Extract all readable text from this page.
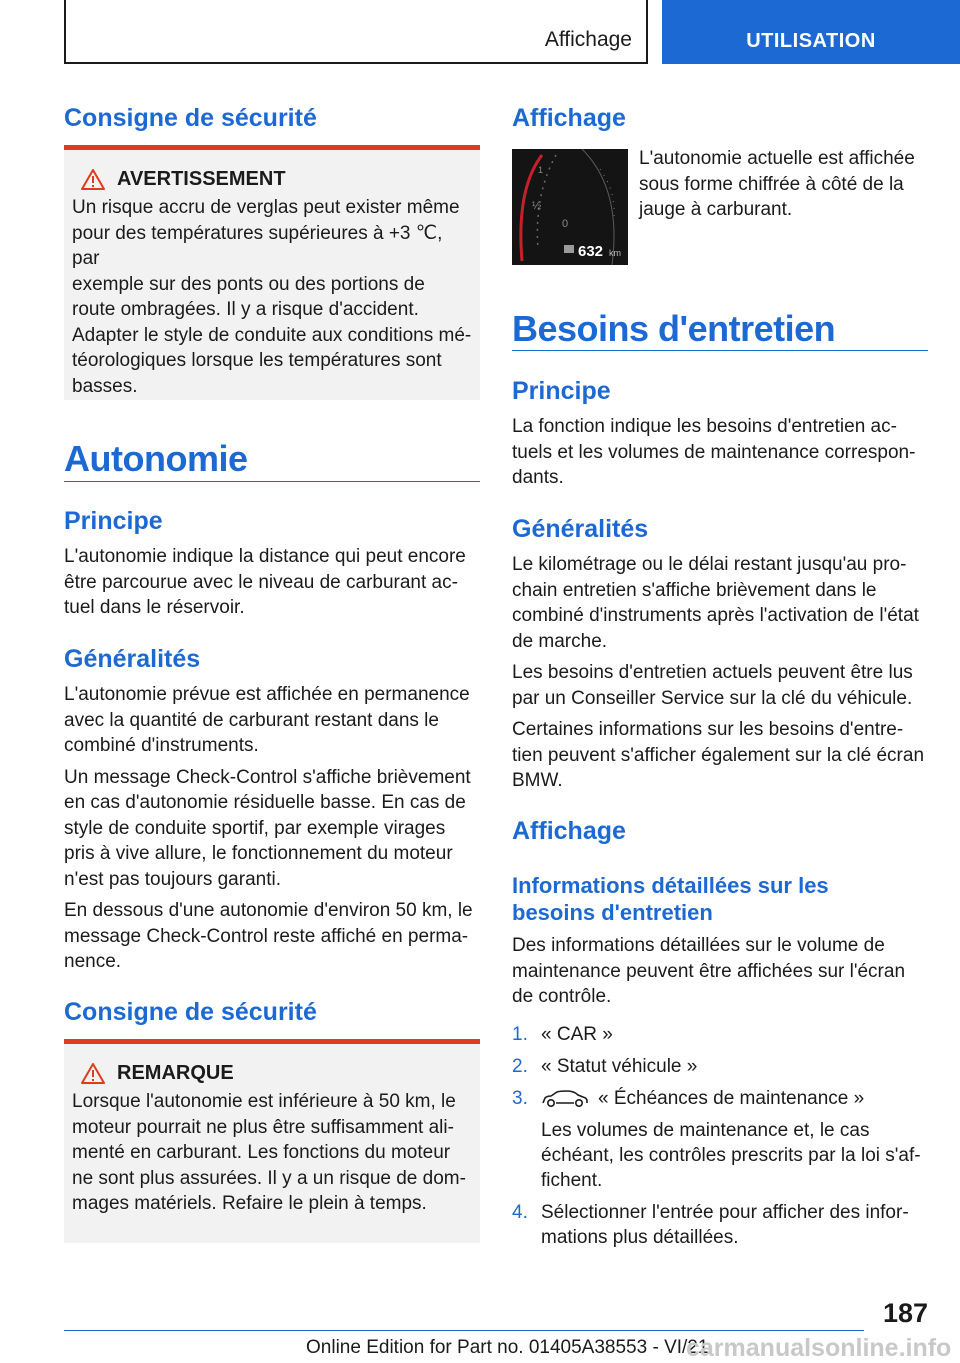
Affichage	UTILISATION
Consigne de sécurité
AVERTISSEMENT
Un risque accru de verglas peut exister même
pour des températures supérieures à +3 ℃, par
exemple sur des ponts ou des portions de
route ombragées. Il y a risque d'accident.
Adapter le style de conduite aux conditions mé-
téorologiques lorsque les températures sont
basses.
Autonomie
Principe
L'autonomie indique la distance qui peut encore
être parcourue avec le niveau de carburant ac-
tuel dans le réservoir.
Généralités
L'autonomie prévue est affichée en permanence
avec la quantité de carburant restant dans le
combiné d'instruments.
Un message Check-Control s'affiche brièvement
en cas d'autonomie résiduelle basse. En cas de
style de conduite sportif, par exemple virages
pris à vive allure, le fonctionnement du moteur
n'est pas toujours garanti.
En dessous d'une autonomie d'environ 50 km, le
message Check-Control reste affiché en perma-
nence.
Consigne de sécurité
REMARQUE
Lorsque l'autonomie est inférieure à 50 km, le
moteur pourrait ne plus être suffisamment ali-
menté en carburant. Les fonctions du moteur
ne sont plus assurées. Il y a un risque de dom-
mages matériels. Refaire le plein à temps.
Affichage
1
½
0
632 km
L'autonomie actuelle est affichée
sous forme chiffrée à côté de la
jauge à carburant.
Besoins d'entretien
Principe
La fonction indique les besoins d'entretien ac-
tuels et les volumes de maintenance correspon-
dants.
Généralités
Le kilométrage ou le délai restant jusqu'au pro-
chain entretien s'affiche brièvement dans le
combiné d'instruments après l'activation de l'état
de marche.
Les besoins d'entretien actuels peuvent être lus
par un Conseiller Service sur la clé du véhicule.
Certaines informations sur les besoins d'entre-
tien peuvent s'afficher également sur la clé écran
BMW.
Affichage
Informations détaillées sur les
besoins d'entretien
Des informations détaillées sur le volume de
maintenance peuvent être affichées sur l'écran
de contrôle.
1. « CAR »
2. « Statut véhicule »
3.	« Échéances de maintenance »
Les volumes de maintenance et, le cas
échéant, les contrôles prescrits par la loi s'af-
fichent.
4. Sélectionner l'entrée pour afficher des infor-
mations plus détaillées.
187
Online Edition for Part no. 01405A38553 - VI/21
carmanualsonline.info
